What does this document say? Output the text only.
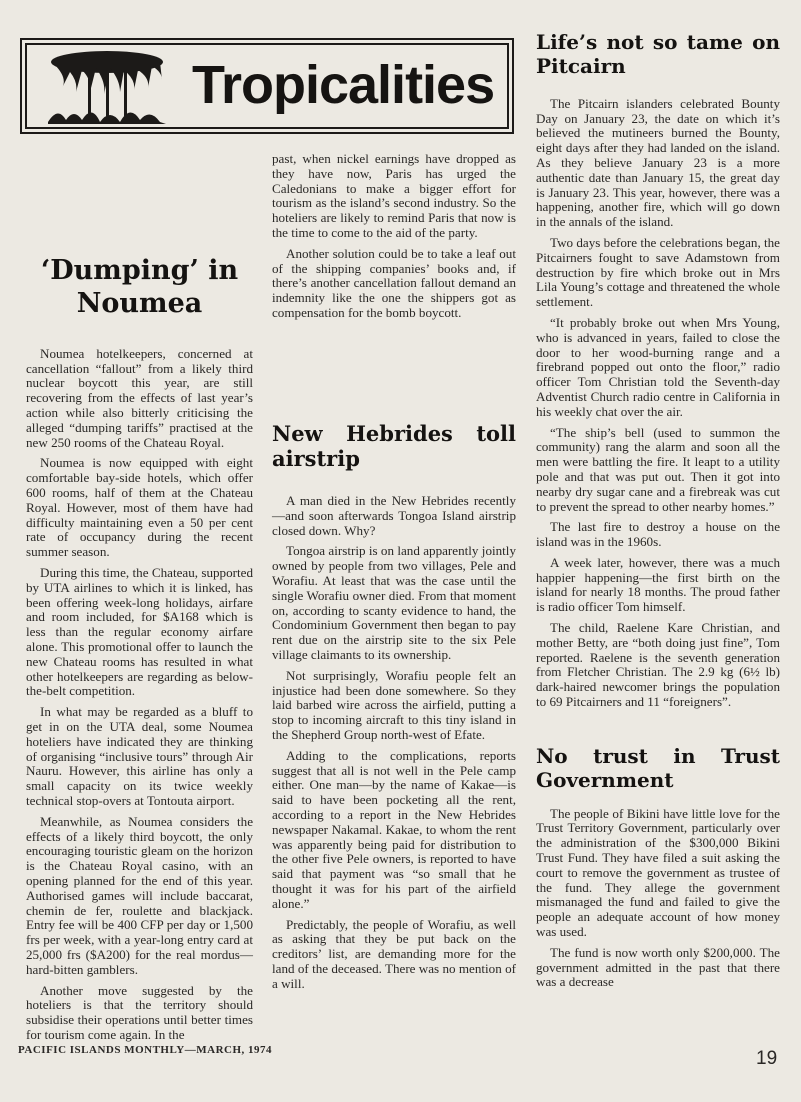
Tropicalities
‘Dumping’ in Noumea

Noumea hotelkeepers, concerned at cancellation “fallout” from a likely third nuclear boycott this year, are still recovering from the effects of last year’s action while also bitterly criticising the alleged “dumping tariffs” practised at the new 250 rooms of the Chateau Royal.

Noumea is now equipped with eight comfortable bay-side hotels, which offer 600 rooms, half of them at the Chateau Royal. However, most of them have had difficulty maintaining even a 50 per cent rate of occupancy during the recent summer season.

During this time, the Chateau, supported by UTA airlines to which it is linked, has been offering week-long holidays, airfare and room included, for $A168 which is less than the regular economy airfare alone. This promotional offer to launch the new Chateau rooms has resulted in what other hotelkeepers are regarding as below-the-belt competition.

In what may be regarded as a bluff to get in on the UTA deal, some Noumea hoteliers have indicated they are thinking of organising “inclusive tours” through Air Nauru. However, this airline has only a small capacity on its twice weekly technical stop-overs at Tontouta airport.

Meanwhile, as Noumea considers the effects of a likely third boycott, the only encouraging touristic gleam on the horizon is the Chateau Royal casino, with an opening planned for the end of this year. Authorised games will include baccarat, chemin de fer, roulette and blackjack. Entry fee will be 400 CFP per day or 1,500 frs per week, with a year-long entry card at 25,000 frs ($A200) for the real mordus—hard-bitten gamblers.

Another move suggested by the hoteliers is that the territory should subsidise their operations until better times for tourism come again. In the

past, when nickel earnings have dropped as they have now, Paris has urged the Caledonians to make a bigger effort for tourism as the island’s second industry. So the hoteliers are likely to remind Paris that now is the time to come to the aid of the party.

Another solution could be to take a leaf out of the shipping companies’ books and, if there’s another cancellation fallout demand an indemnity like the one the shippers got as compensation for the bomb boycott.

New Hebrides toll airstrip

A man died in the New Hebrides recently—and soon afterwards Tongoa Island airstrip closed down. Why?

Tongoa airstrip is on land apparently jointly owned by people from two villages, Pele and Worafiu. At least that was the case until the single Worafiu owner died. From that moment on, according to scanty evidence to hand, the Condominium Government then began to pay rent due on the airstrip site to the six Pele village claimants to its ownership.

Not surprisingly, Worafiu people felt an injustice had been done somewhere. So they laid barbed wire across the airfield, putting a stop to incoming aircraft to this tiny island in the Shepherd Group north-west of Efate.

Adding to the complications, reports suggest that all is not well in the Pele camp either. One man—by the name of Kakae—is said to have been pocketing all the rent, according to a report in the New Hebrides newspaper Nakamal. Kakae, to whom the rent was apparently being paid for distribution to the other five Pele owners, is reported to have said that payment was “so small that he thought it was for his part of the airfield alone.”

Predictably, the people of Worafiu, as well as asking that they be put back on the creditors’ list, are demanding more for the land of the deceased. There was no mention of a will.

Life’s not so tame on Pitcairn

The Pitcairn islanders celebrated Bounty Day on January 23, the date on which it’s believed the mutineers burned the Bounty, eight days after they had landed on the island. As they believe January 23 is a more authentic date than January 15, the great day is January 23. This year, however, there was a happening, another fire, which will go down in the annals of the island.

Two days before the celebrations began, the Pitcairners fought to save Adamstown from destruction by fire which broke out in Mrs Lila Young’s cottage and threatened the whole settlement.

“It probably broke out when Mrs Young, who is advanced in years, failed to close the door to her wood-burning range and a firebrand popped out onto the floor,” radio officer Tom Christian told the Seventh-day Adventist Church radio centre in California in his weekly chat over the air.

“The ship’s bell (used to summon the community) rang the alarm and soon all the men were battling the fire. It leapt to a utility pole and that was put out. Then it got into nearby dry sugar cane and a firebreak was cut to prevent the spread to other nearby homes.”

The last fire to destroy a house on the island was in the 1960s.

A week later, however, there was a much happier happening—the first birth on the island for nearly 18 months. The proud father is radio officer Tom himself.

The child, Raelene Kare Christian, and mother Betty, are “both doing just fine”, Tom reported. Raelene is the seventh generation from Fletcher Christian. The 2.9 kg (6½ lb) dark-haired newcomer brings the population to 69 Pitcairners and 11 “foreigners”.

No trust in Trust Government

The people of Bikini have little love for the Trust Territory Government, particularly over the administration of the $300,000 Bikini Trust Fund. They have filed a suit asking the court to remove the government as trustee of the fund. They allege the government mismanaged the fund and failed to give the people an adequate account of how money was used.

The fund is now worth only $200,000. The government admitted in the past that there was a decrease

PACIFIC ISLANDS MONTHLY—MARCH, 1974	19
